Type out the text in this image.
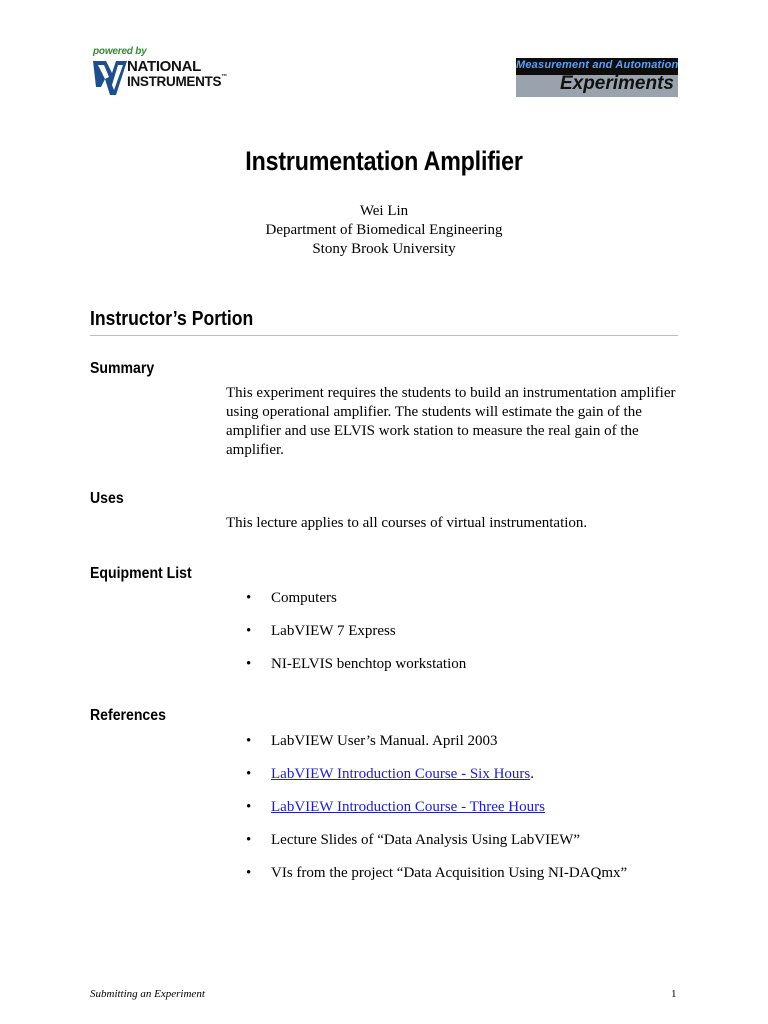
powered by
NATIONAL
INSTRUMENTS™
Measurement and Automation
Experiments
Instrumentation Amplifier
Wei Lin
Department of Biomedical Engineering
Stony Brook University
Instructor’s Portion
Summary
This experiment requires the students to build an instrumentation amplifier
using operational amplifier. The students will estimate the gain of the
amplifier and use ELVIS work station to measure the real gain of the
amplifier.
Uses
This lecture applies to all courses of virtual instrumentation.
Equipment List
• Computers
• LabVIEW 7 Express
• NI-ELVIS benchtop workstation
References
• LabVIEW User’s Manual. April 2003
• LabVIEW Introduction Course - Six Hours.
• LabVIEW Introduction Course - Three Hours
• Lecture Slides of “Data Analysis Using LabVIEW”
• VIs from the project “Data Acquisition Using NI-DAQmx”
Submitting an Experiment	1
